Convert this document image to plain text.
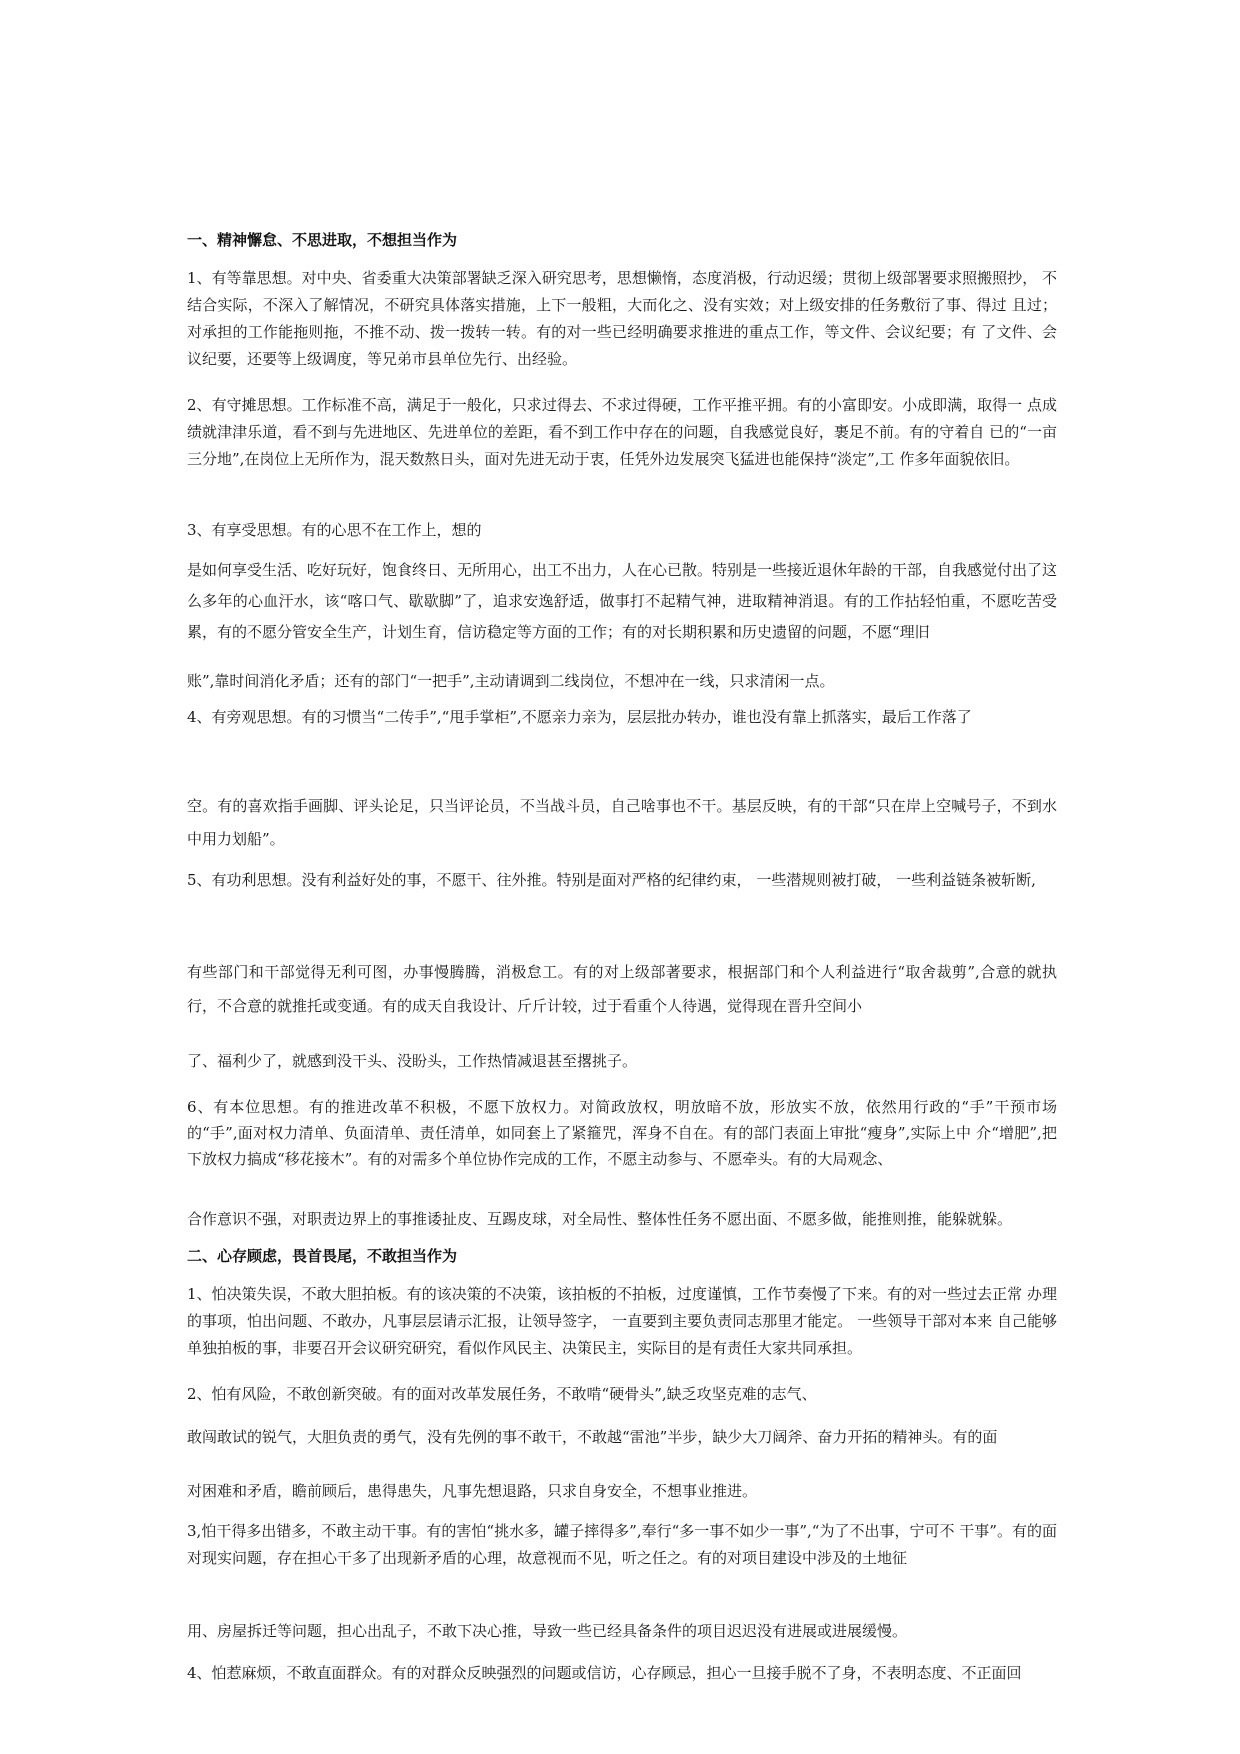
一、精神懈怠、不思进取，不想担当作为

1、有等靠思想。对中央、省委重大决策部署缺乏深入研究思考，思想懒惰，态度消极，行动迟缓；贯彻上级部署要求照搬照抄， 不结合实际，不深入了解情况，不研究具体落实措施，上下一般粗，大而化之、没有实效；对上级安排的任务敷衍了事、得过 且过；对承担的工作能拖则拖，不推不动、拨一拨转一转。有的对一些已经明确要求推进的重点工作，等文件、会议纪要；有 了文件、会议纪要，还要等上级调度，等兄弟市县单位先行、出经验。

2、有守摊思想。工作标准不高，满足于一般化，只求过得去、不求过得硬，工作平推平拥。有的小富即安。小成即满，取得一 点成绩就津津乐道，看不到与先进地区、先进单位的差距，看不到工作中存在的问题，自我感觉良好，裹足不前。有的守着自 已的“一亩三分地”,在岗位上无所作为，混天数熬日头，面对先进无动于衷，任凭外边发展突飞猛进也能保持“淡定”,工 作多年面貌依旧。

3、有享受思想。有的心思不在工作上，想的

是如何享受生活、吃好玩好，饱食终日、无所用心，出工不出力，人在心已散。特别是一些接近退休年龄的干部，自我感觉付出了这么多年的心血汗水，该“喀口气、歇歇脚”了，追求安逸舒适，做事打不起精气神，进取精神消退。有的工作拈轻怕重，不愿吃苦受累，有的不愿分管安全生产，计划生育，信访稳定等方面的工作；有的对长期积累和历史遗留的问题，不愿“理旧

账”,靠时间消化矛盾；还有的部门“一把手”,主动请调到二线岗位，不想冲在一线，只求清闲一点。

4、有旁观思想。有的习惯当“二传手”,“甩手掌柜”,不愿亲力亲为，层层批办转办，谁也没有靠上抓落实，最后工作落了

空。有的喜欢指手画脚、评头论足，只当评论员，不当战斗员，自己啥事也不干。基层反映，有的干部“只在岸上空喊号子，不到水中用力划船”。

5、有功利思想。没有利益好处的事，不愿干、往外推。特别是面对严格的纪律约束， 一些潜规则被打破， 一些利益链条被斩断,

有些部门和干部觉得无利可图，办事慢腾腾，消极怠工。有的对上级部著要求，根据部门和个人利益进行“取舍裁剪”,合意的就执行，不合意的就推托或变通。有的成天自我设计、斤斤计较，过于看重个人待遇，觉得现在晋升空间小

了、福利少了，就感到没干头、没盼头，工作热情减退甚至撂挑子。

6、有本位思想。有的推进改革不积极，不愿下放权力。对简政放权，明放暗不放，形放实不放，依然用行政的“手”干预市场 的“手”,面对权力清单、负面清单、责任清单，如同套上了紧箍咒，浑身不自在。有的部门表面上审批“瘦身”,实际上中 介“增肥”,把下放权力搞成“移花接木”。有的对需多个单位协作完成的工作，不愿主动参与、不愿牵头。有的大局观念、

合作意识不强，对职责边界上的事推诿扯皮、互踢皮球，对全局性、整体性任务不愿出面、不愿多做，能推则推，能躲就躲。

二、心存顾虑，畏首畏尾，不敢担当作为

1、怕决策失误，不敢大胆拍板。有的该决策的不决策，该拍板的不拍板，过度谨慎，工作节奏慢了下来。有的对一些过去正常 办理的事项，怕出问题、不敢办，凡事层层请示汇报，让领导签字， 一直要到主要负责同志那里才能定。 一些领导干部对本来 自己能够单独拍板的事，非要召开会议研究研究，看似作风民主、决策民主，实际目的是有责任大家共同承担。

2、怕有风险，不敢创新突破。有的面对改革发展任务，不敢啃“硬骨头”,缺乏攻坚克难的志气、

敢闯敢试的锐气，大胆负责的勇气，没有先例的事不敢干，不敢越“雷池”半步，缺少大刀阔斧、奋力开拓的精神头。有的面

对困难和矛盾，瞻前顾后，患得患失，凡事先想退路，只求自身安全，不想事业推进。

3,怕干得多出错多，不敢主动干事。有的害怕“挑水多，罐子摔得多”,奉行“多一事不如少一事”,“为了不出事，宁可不 干事”。有的面对现实问题，存在担心干多了出现新矛盾的心理，故意视而不见，听之任之。有的对项目建设中涉及的土地征

用、房屋拆迁等问题，担心出乱子，不敢下决心推，导致一些已经具备条件的项目迟迟没有进展或进展缓慢。

4、怕惹麻烦，不敢直面群众。有的对群众反映强烈的问题或信访，心存顾忌，担心一旦接手脱不了身，不表明态度、不正面回
